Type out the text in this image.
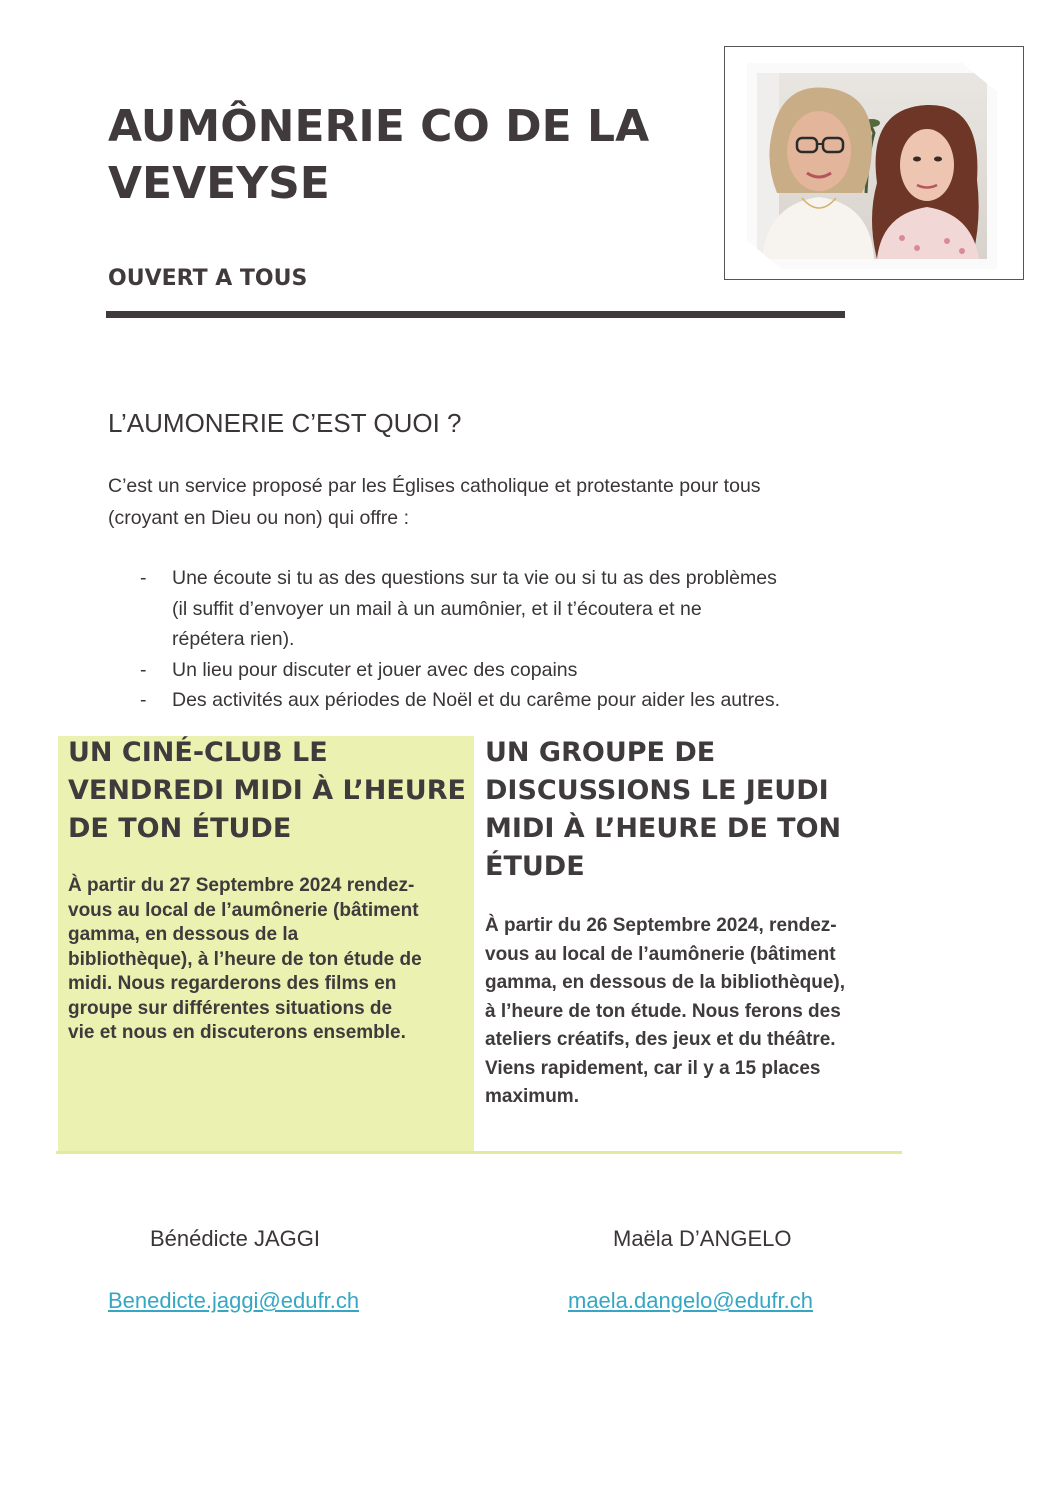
AUMÔNERIE CO DE LA
VEVEYSE
OUVERT A TOUS
L’AUMONERIE C’EST QUOI ?
C’est un service proposé par les Églises catholique et protestante pour tous
(croyant en Dieu ou non) qui offre :
- Une écoute si tu as des questions sur ta vie ou si tu as des problèmes
(il suffit d’envoyer un mail à un aumônier, et il t’écoutera et ne
répétera rien).
- Un lieu pour discuter et jouer avec des copains
- Des activités aux périodes de Noël et du carême pour aider les autres.
UN CINÉ-CLUB LE
VENDREDI MIDI À L’HEURE
DE TON ÉTUDE

À partir du 27 Septembre 2024 rendez-
vous au local de l’aumônerie (bâtiment
gamma, en dessous de la
bibliothèque), à l’heure de ton étude de
midi. Nous regarderons des films en
groupe sur différentes situations de
vie et nous en discuterons ensemble.

UN GROUPE DE
DISCUSSIONS LE JEUDI
MIDI À L’HEURE DE TON
ÉTUDE

À partir du 26 Septembre 2024, rendez-
vous au local de l’aumônerie (bâtiment
gamma, en dessous de la bibliothèque),
à l’heure de ton étude. Nous ferons des
ateliers créatifs, des jeux et du théâtre.
Viens rapidement, car il y a 15 places
maximum.

Bénédicte JAGGI	Maëla D’ANGELO
Benedicte.jaggi@edufr.ch	maela.dangelo@edufr.ch
